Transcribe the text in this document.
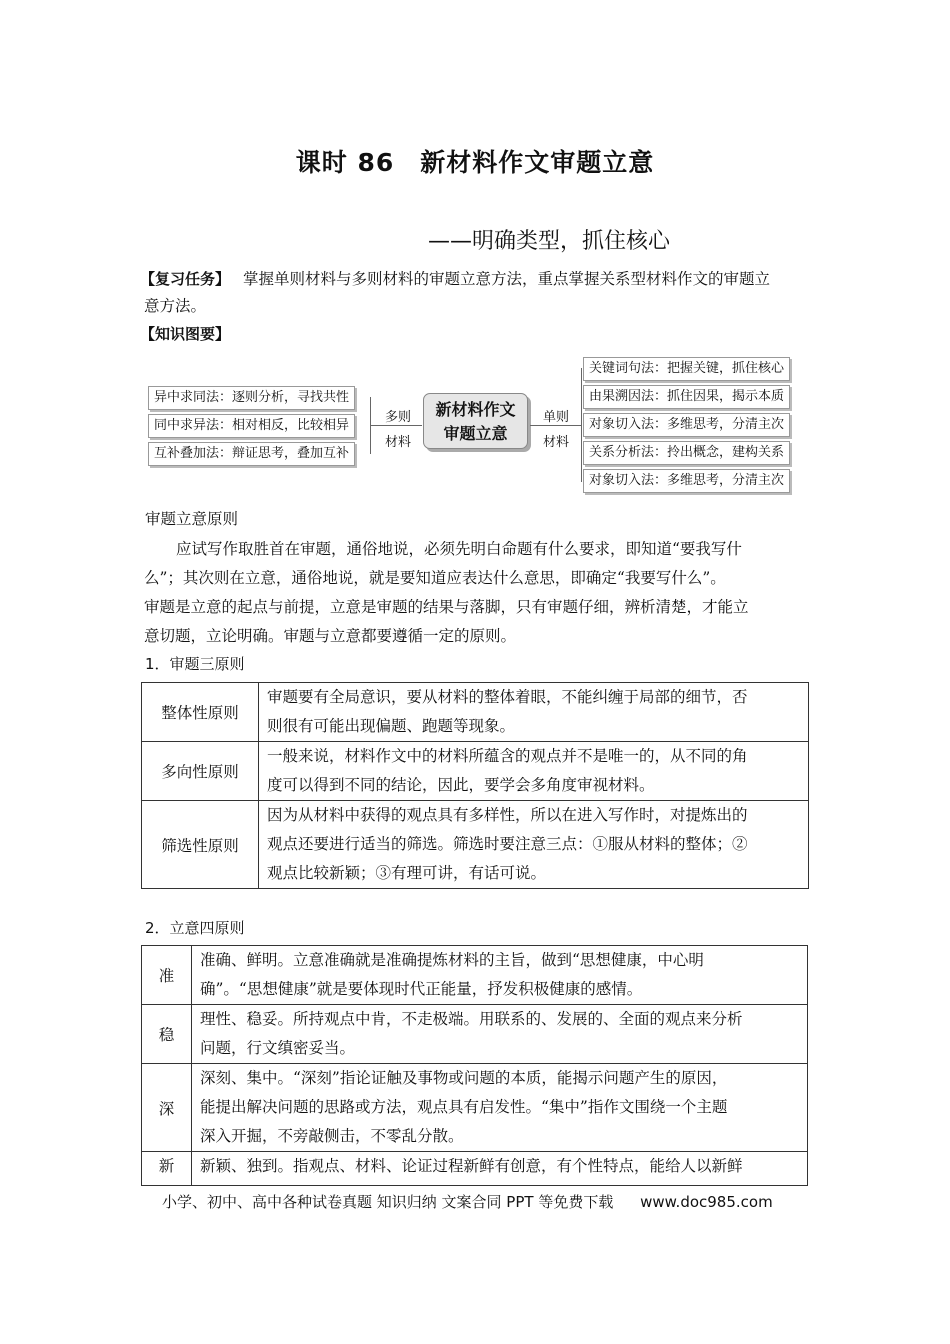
课时 86　新材料作文审题立意
——明确类型，抓住核心
【复习任务】 掌握单则材料与多则材料的审题立意方法，重点掌握关系型材料作文的审题立
意方法。
【知识图要】
异中求同法：逐则分析，寻找共性
同中求异法：相对相反，比较相异
互补叠加法：辩证思考，叠加互补
多则
材料
新材料作文
审题立意
单则
材料
关键词句法：把握关键，抓住核心
由果溯因法：抓住因果，揭示本质
对象切入法：多维思考，分清主次
关系分析法：拎出概念，建构关系
对象切入法：多维思考，分清主次
审题立意原则
应试写作取胜首在审题，通俗地说，必须先明白命题有什么要求，即知道“要我写什
么”；其次则在立意，通俗地说，就是要知道应表达什么意思，即确定“我要写什么”。
审题是立意的起点与前提，立意是审题的结果与落脚，只有审题仔细，辨析清楚，才能立
意切题，立论明确。审题与立意都要遵循一定的原则。
1．审题三原则
整体性原则	审题要有全局意识，要从材料的整体着眼，不能纠缠于局部的细节，否
则很有可能出现偏题、跑题等现象。

多向性原则	一般来说，材料作文中的材料所蕴含的观点并不是唯一的，从不同的角
度可以得到不同的结论，因此，要学会多角度审视材料。

筛选性原则	因为从材料中获得的观点具有多样性，所以在进入写作时，对提炼出的
观点还要进行适当的筛选。筛选时要注意三点：①服从材料的整体；②
观点比较新颖；③有理可讲，有话可说。
2．立意四原则
准	准确、鲜明。立意准确就是准确提炼材料的主旨，做到“思想健康，中心明
确”。“思想健康”就是要体现时代正能量，抒发积极健康的感情。

稳	理性、稳妥。所持观点中肯，不走极端。用联系的、发展的、全面的观点来分析
问题，行文缜密妥当。

深	深刻、集中。“深刻”指论证触及事物或问题的本质，能揭示问题产生的原因，
能提出解决问题的思路或方法，观点具有启发性。“集中”指作文围绕一个主题
深入开掘，不旁敲侧击，不零乱分散。

新	新颖、独到。指观点、材料、论证过程新鲜有创意，有个性特点，能给人以新鲜
小学、初中、高中各种试卷真题 知识归纳 文案合同 PPT 等免费下载 www.doc985.com
